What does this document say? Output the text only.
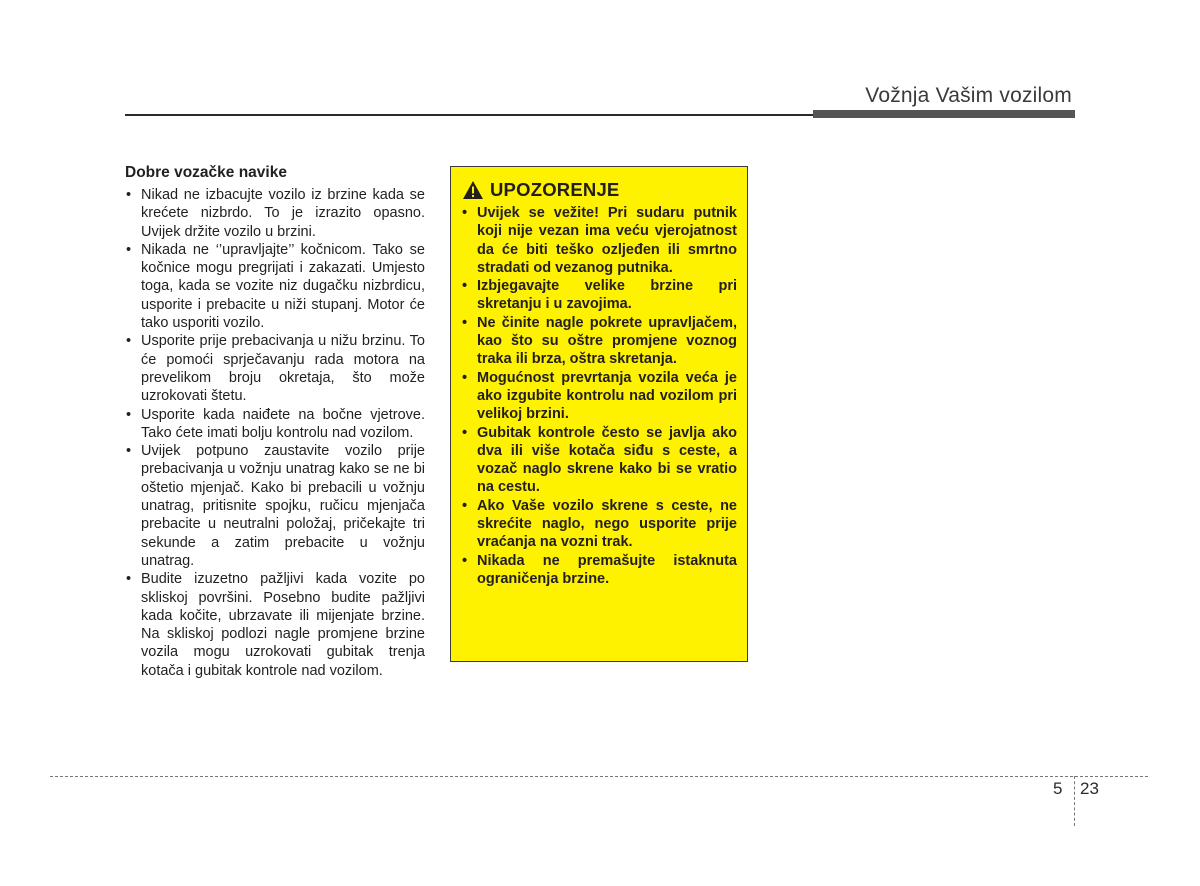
Vožnja Vašim vozilom
Dobre vozačke navike
• Nikad ne izbacujte vozilo iz brzine kada se krećete nizbrdo. To je izrazito opasno. Uvijek držite vozilo u brzini.
• Nikada ne ‘’upravljajte’’ kočnicom. Tako se kočnice mogu pregrijati i zakazati. Umjesto toga, kada se vozite niz dugačku nizbrdicu, usporite i prebacite u niži stupanj. Motor će tako usporiti vozilo.
• Usporite prije prebacivanja u nižu brzinu. To će pomoći sprječavanju rada motora na prevelikom broju okretaja, što može uzrokovati štetu.
• Usporite kada naiđete na bočne vjetrove. Tako ćete imati bolju kontrolu nad vozilom.
• Uvijek potpuno zaustavite vozilo prije prebacivanja u vožnju unatrag kako se ne bi oštetio mjenjač. Kako bi prebacili u vožnju unatrag, pritisnite spojku, ručicu mjenjača prebacite u neutralni položaj, pričekajte tri sekunde a zatim prebacite u vožnju unatrag.
• Budite izuzetno pažljivi kada vozite po skliskoj površini. Posebno budite pažljivi kada kočite, ubrzavate ili mijenjate brzine. Na skliskoj podlozi nagle promjene brzine vozila mogu uzrokovati gubitak trenja kotača i gubitak kontrole nad vozilom.
UPOZORENJE
• Uvijek se vežite! Pri sudaru putnik koji nije vezan ima veću vjerojatnost da će biti teško ozljeđen ili smrtno stradati od vezanog putnika.
• Izbjegavajte velike brzine pri skretanju i u zavojima.
• Ne činite nagle pokrete upravljačem, kao što su oštre promjene voznog traka ili brza, oštra skretanja.
• Mogućnost prevrtanja vozila veća je ako izgubite kontrolu nad vozilom pri velikoj brzini.
• Gubitak kontrole često se javlja ako dva ili više kotača siđu s ceste, a vozač naglo skrene kako bi se vratio na cestu.
• Ako Vaše vozilo skrene s ceste, ne skrećite naglo, nego usporite prije vraćanja na vozni trak.
• Nikada ne premašujte istaknuta ograničenja brzine.
5 23
